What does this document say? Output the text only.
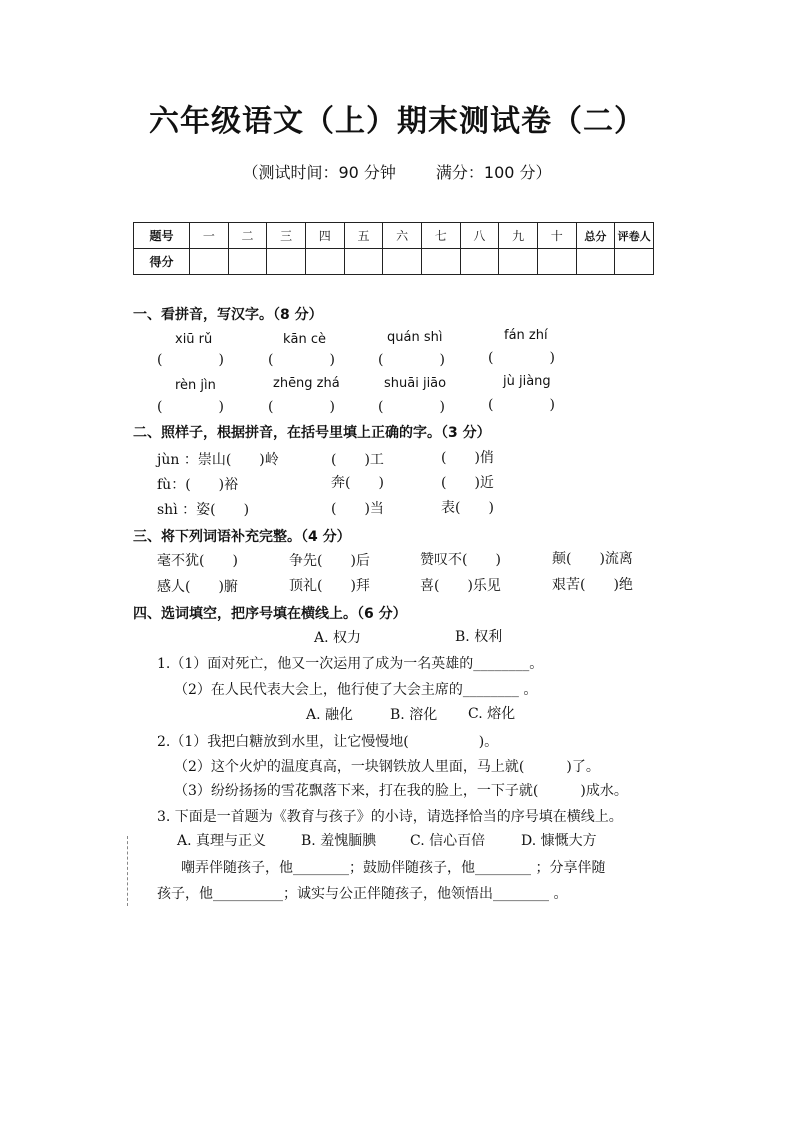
六年级语文（上）期末测试卷（二）
（测试时间：90 分钟	满分：100 分）
题号	一	二	三	四	五	六	七	八	九	十	总分	评卷人
得分												
一、看拼音，写汉字。（8 分）
xiū rǔ	kān cè	quán shì	fán zhí
(　　　　)	(　　　　)	(　　　　)	(　　　　)
rèn jìn	zhēng zhá	shuāi jiāo	jù jiàng
(　　　　)	(　　　　)	(　　　　)	(　　　　)
二、照样子，根据拼音，在括号里填上正确的字。（3 分）
jùn ：崇山(　　)岭	(　　)工	(　　)俏
fù：(　　)裕	奔(　　)	(　　)近
shì ：姿(　　)	(　　)当	表(　　)
三、将下列词语补充完整。（4 分）
毫不犹(　　)	争先(　　)后	赞叹不(　　)	颠(　　)流离
感人(　　)腑	顶礼(　　)拜	喜(　　)乐见	艰苦(　　)绝
四、选词填空，把序号填在横线上。（6 分）
A. 权力	B. 权利
1.（1）面对死亡，他又一次运用了成为一名英雄的________。
（2）在人民代表大会上，他行使了大会主席的________ 。
A. 融化	B. 溶化 C. 熔化
2.（1）我把白糖放到水里，让它慢慢地(　　　　　)。
（2）这个火炉的温度真高，一块钢铁放人里面，马上就(　　　)了。
（3）纷纷扬扬的雪花飘落下来，打在我的脸上，一下子就(　　　)成水。
3. 下面是一首题为《教育与孩子》的小诗，请选择恰当的序号填在横线上。
A. 真理与正义 B. 羞愧腼腆 C. 信心百倍	D. 慷慨大方
嘲弄伴随孩子，他________；鼓励伴随孩子，他________ ；分享伴随
孩子，他__________；诚实与公正伴随孩子，他领悟出________ 。
